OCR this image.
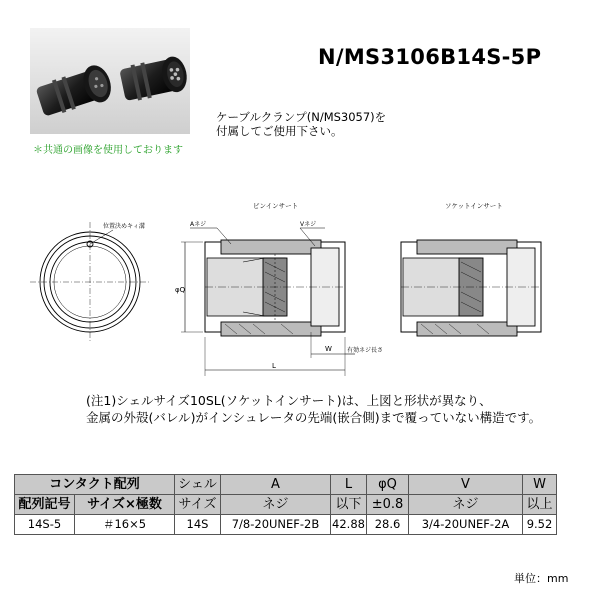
＊共通の画像を使用しております
N/MS3106B14S-5P
ケーブルクランプ(N/MS3057)を
付属してご使用下さい。
ピンインサート	ソケットインサート
位置決めキィ溝	Aネジ	Vネジ
φQ
W	有効ネジ長さ
L
(注1)シェルサイズ10SL(ソケットインサート)は、上図と形状が異なり、
金属の外殻(バレル)がインシュレータの先端(嵌合側)まで覆っていない構造です。
コンタクト配列		シェル	A	L	φQ	V	W
配列記号	サイズ×極数	サイズ	ネジ	以下	±0.8	ネジ	以上
14S-5	＃16×5	14S	7/8-20UNEF-2B	42.88	28.6	3/4-20UNEF-2A	9.52
単位：mm
